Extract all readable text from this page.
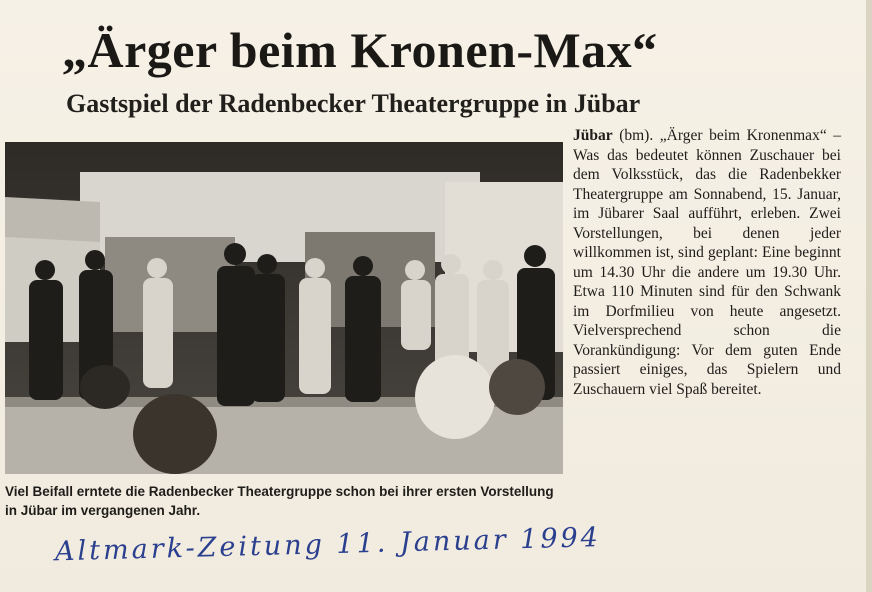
„Ärger beim Kronen-Max“
Gastspiel der Radenbecker Theatergruppe in Jübar
Viel Beifall erntete die Radenbecker Theatergruppe schon bei ihrer ersten Vorstellung in Jübar im vergangenen Jahr.
Jübar (bm). „Ärger beim Kronenmax“ – Was das bedeutet können Zuschauer bei dem Volksstück, das die Radenbekker Theatergruppe am Sonnabend, 15. Januar, im Jübarer Saal aufführt, erleben. Zwei Vorstellungen, bei denen jeder willkommen ist, sind geplant: Eine beginnt um 14.30 Uhr die andere um 19.30 Uhr. Etwa 110 Minuten sind für den Schwank im Dorfmilieu von heute angesetzt. Vielversprechend schon die Vorankündigung: Vor dem guten Ende passiert einiges, das Spielern und Zuschauern viel Spaß bereitet.
Altmark-Zeitung 11. Januar 1994
